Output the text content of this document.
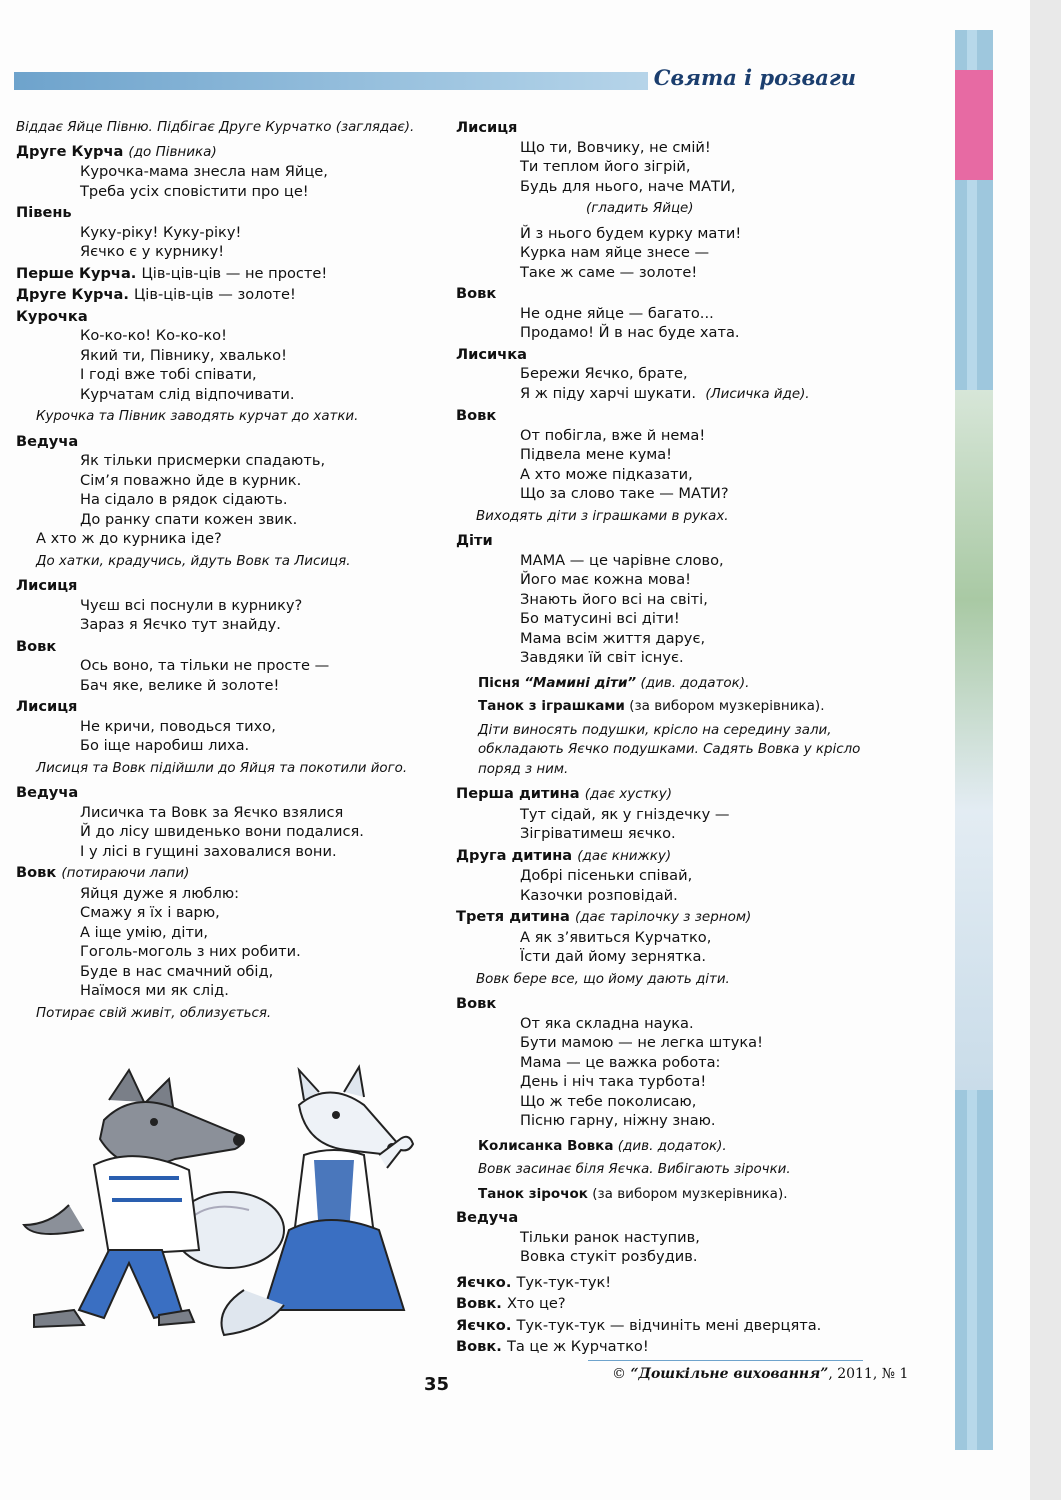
Свята і розваги
Віддає Яйце Півню. Підбігає Друге Курчатко (заглядає).
Друге Курча (до Півника)
Курочка-мама знесла нам Яйце,
Треба усіх сповістити про це!
Півень
Куку-ріку! Куку-ріку!
Яєчко є у курнику!
Перше Курча. Ців-ців-ців — не просте!
Друге Курча. Ців-ців-ців — золоте!
Курочка
Ко-ко-ко! Ко-ко-ко!
Який ти, Півнику, хвалько!
І годі вже тобі співати,
Курчатам слід відпочивати.
Курочка та Півник заводять курчат до хатки.
Ведуча
Як тільки присмерки спадають,
Сім’я поважно йде в курник.
На сідало в рядок сідають.
До ранку спати кожен звик.
А хто ж до курника іде?
До хатки, крадучись, йдуть Вовк та Лисиця.
Лисиця
Чуєш всі поснули в курнику?
Зараз я Яєчко тут знайду.
Вовк
Ось воно, та тільки не просте —
Бач яке, велике й золоте!
Лисиця
Не кричи, поводься тихо,
Бо іще наробиш лиха.
Лисиця та Вовк підійшли до Яйця та покотили його.
Ведуча
Лисичка та Вовк за Яєчко взялися
Й до лісу швиденько вони подалися.
І у лісі в гущині заховалися вони.
Вовк (потираючи лапи)
Яйця дуже я люблю:
Смажу я їх і варю,
А іще умію, діти,
Гоголь-моголь з них робити.
Буде в нас смачний обід,
Наїмося ми як слід.
Потирає свій живіт, облизується.
Лисиця
Що ти, Вовчику, не смій!
Ти теплом його зігрій,
Будь для нього, наче МАТИ,
(гладить Яйце)
Й з нього будем курку мати!
Курка нам яйце знесе —
Таке ж саме — золоте!
Вовк
Не одне яйце — багато...
Продамо! Й в нас буде хата.
Лисичка
Бережи Яєчко, брате,
Я ж піду харчі шукати. (Лисичка йде).
Вовк
От побігла, вже й нема!
Підвела мене кума!
А хто може підказати,
Що за слово таке — МАТИ?
Виходять діти з іграшками в руках.
Діти
МАМА — це чарівне слово,
Його має кожна мова!
Знають його всі на світі,
Бо матусині всі діти!
Мама всім життя дарує,
Завдяки їй світ існує.
Пісня “Мамині діти” (див. додаток).
Танок з іграшками (за вибором музкерівника).
Діти виносять подушки, крісло на середину зали, обкладають Яєчко подушками. Садять Вовка у крісло поряд з ним.
Перша дитина (дає хустку)
Тут сідай, як у гніздечку —
Зігріватимеш яєчко.
Друга дитина (дає книжку)
Добрі пісеньки співай,
Казочки розповідай.
Третя дитина (дає тарілочку з зерном)
А як з’явиться Курчатко,
Їсти дай йому зернятка.
Вовк бере все, що йому дають діти.
Вовк
От яка складна наука.
Бути мамою — не легка штука!
Мама — це важка робота:
День і ніч така турбота!
Що ж тебе поколисаю,
Пісню гарну, ніжну знаю.
Колисанка Вовка (див. додаток).
Вовк засинає біля Яєчка. Вибігають зірочки.
Танок зірочок (за вибором музкерівника).
Ведуча
Тільки ранок наступив,
Вовка стукіт розбудив.
Яєчко. Тук-тук-тук!
Вовк. Хто це?
Яєчко. Тук-тук-тук — відчиніть мені дверцята.
Вовк. Та це ж Курчатко!
35	© “Дошкільне виховання”, 2011, № 1
